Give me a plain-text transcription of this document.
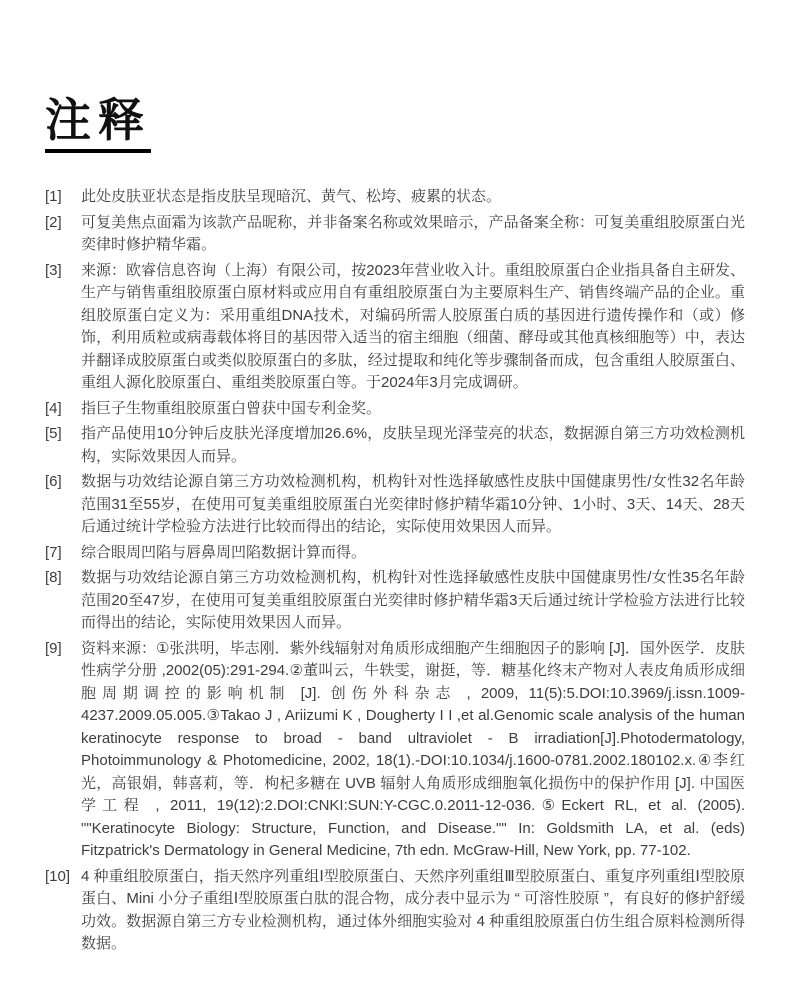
注释
[1]	此处皮肤亚状态是指皮肤呈现暗沉、黄气、松垮、疲累的状态。

[2]	可复美焦点面霜为该款产品昵称，并非备案名称或效果暗示，产品备案全称：可复美重组胶原蛋白光奕律时修护精华霜。

[3]	来源：欧睿信息咨询（上海）有限公司，按2023年营业收入计。重组胶原蛋白企业指具备自主研发、生产与销售重组胶原蛋白原材料或应用自有重组胶原蛋白为主要原料生产、销售终端产品的企业。重组胶原蛋白定义为：采用重组DNA技术，对编码所需人胶原蛋白质的基因进行遗传操作和（或）修饰，利用质粒或病毒载体将目的基因带入适当的宿主细胞（细菌、酵母或其他真核细胞等）中，表达并翻译成胶原蛋白或类似胶原蛋白的多肽，经过提取和纯化等步骤制备而成，包含重组人胶原蛋白、重组人源化胶原蛋白、重组类胶原蛋白等。于2024年3月完成调研。

[4]	指巨子生物重组胶原蛋白曾获中国专利金奖。

[5]	指产品使用10分钟后皮肤光泽度增加26.6%，皮肤呈现光泽莹亮的状态，数据源自第三方功效检测机构，实际效果因人而异。

[6]	数据与功效结论源自第三方功效检测机构，机构针对性选择敏感性皮肤中国健康男性/女性32名年龄范围31至55岁，在使用可复美重组胶原蛋白光奕律时修护精华霜10分钟、1小时、3天、14天、28天后通过统计学检验方法进行比较而得出的结论，实际使用效果因人而异。

[7]	综合眼周凹陷与唇鼻周凹陷数据计算而得。

[8]	数据与功效结论源自第三方功效检测机构，机构针对性选择敏感性皮肤中国健康男性/女性35名年龄范围20至47岁，在使用可复美重组胶原蛋白光奕律时修护精华霜3天后通过统计学检验方法进行比较而得出的结论，实际使用效果因人而异。

[9]	资料来源：①张洪明，毕志刚．紫外线辐射对角质形成细胞产生细胞因子的影响 [J]．国外医学．皮肤性病学分册 ,2002(05):291-294.②董叫云，牛轶雯，谢挺，等．糖基化终末产物对人表皮角质形成细胞周期调控的影响机制 [J]. 创伤外科杂志 , 2009, 11(5):5.DOI:10.3969/j.issn.1009-4237.2009.05.005.③Takao J , Ariizumi K , Dougherty I I ,et al.Genomic scale analysis of the human keratinocyte response to broad - band ultraviolet - B irradiation[J].Photodermatology, Photoimmunology & Photomedicine, 2002, 18(1).-DOI:10.1034/j.1600-0781.2002.180102.x.④李红光，高银娟，韩喜莉，等．枸杞多糖在 UVB 辐射人角质形成细胞氧化损伤中的保护作用 [J]. 中国医学工程 , 2011, 19(12):2.DOI:CNKI:SUN:Y-CGC.0.2011-12-036.⑤Eckert RL, et al. (2005). ""Keratinocyte Biology: Structure, Function, and Disease."" In: Goldsmith LA, et al. (eds) Fitzpatrick's Dermatology in General Medicine, 7th edn. McGraw-Hill, New York, pp. 77-102.

[10] 4 种重组胶原蛋白，指天然序列重组Ⅰ型胶原蛋白、天然序列重组Ⅲ型胶原蛋白、重复序列重组Ⅰ型胶原蛋白、Mini 小分子重组Ⅰ型胶原蛋白肽的混合物，成分表中显示为 “ 可溶性胶原 ”，有良好的修护舒缓功效。数据源自第三方专业检测机构，通过体外细胞实验对 4 种重组胶原蛋白仿生组合原料检测所得数据。
